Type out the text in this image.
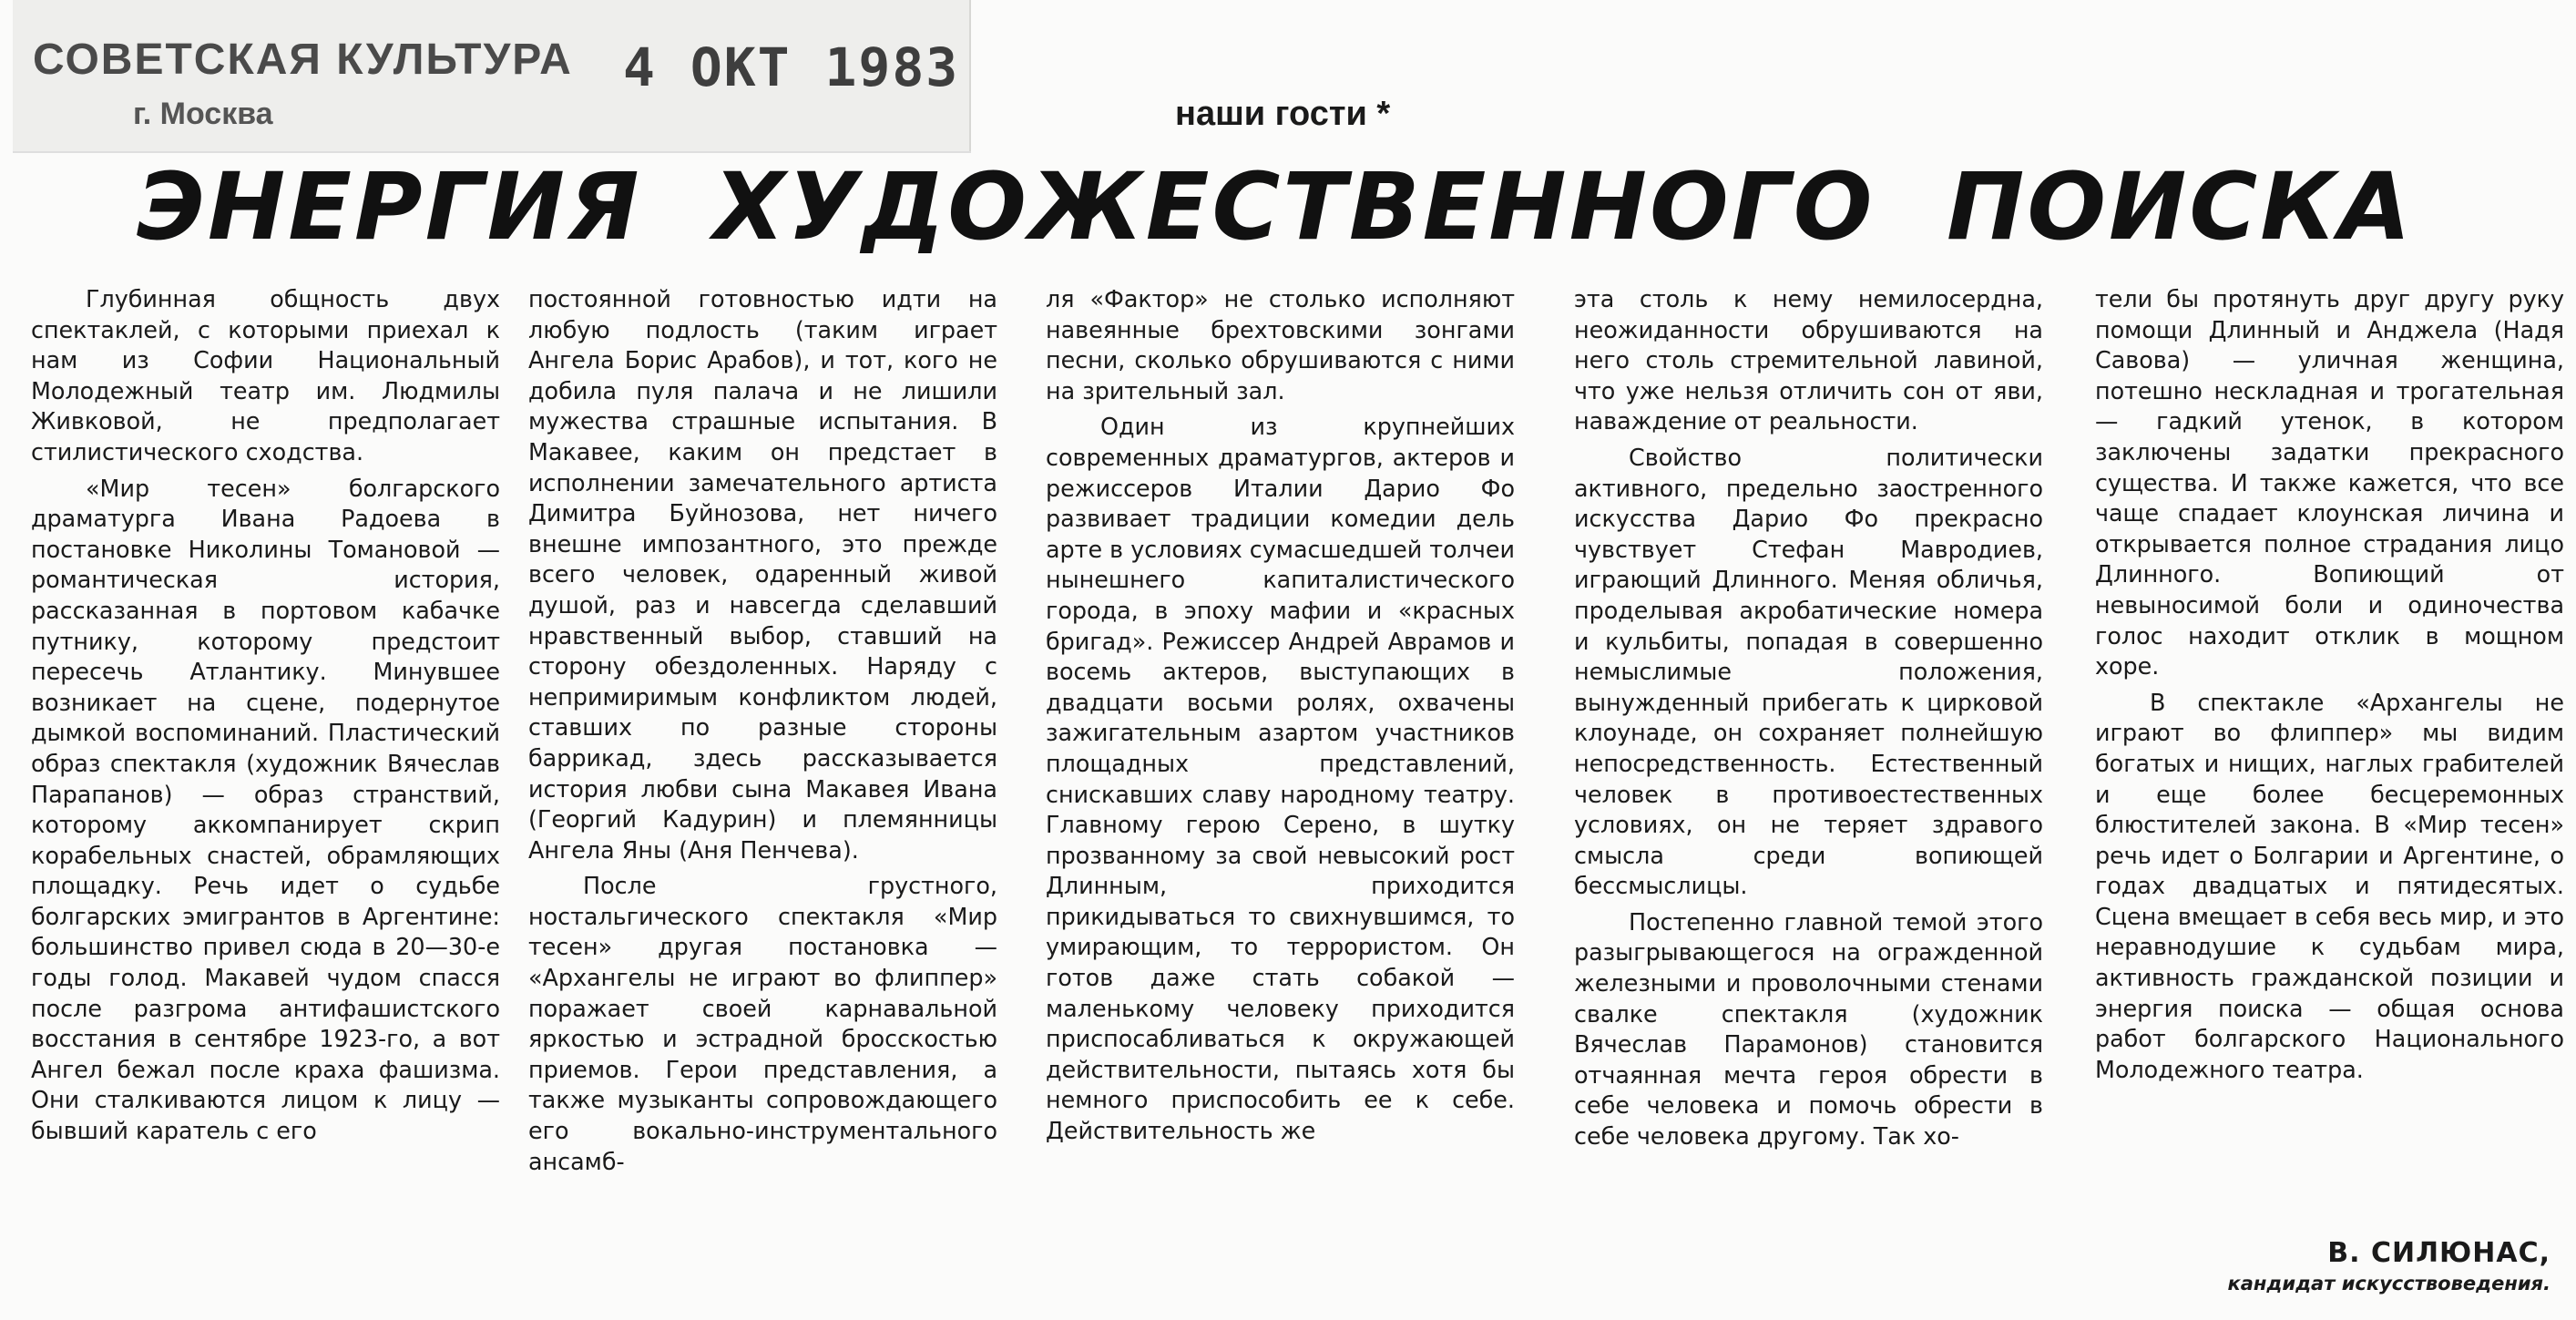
СОВЕТСКАЯ КУЛЬТУРА
г. Москва
4 ОКТ 1983
наши гости *
ЭНЕРГИЯ ХУДОЖЕСТВЕННОГО ПОИСКА

Глубинная общность двух спектаклей, с которыми приехал к нам из Софии Национальный Молодежный театр им. Людмилы Живковой, не предполагает стилистического сходства.

«Мир тесен» болгарского драматурга Ивана Радоева в постановке Николины Томановой — романтическая история, рассказанная в портовом кабачке путнику, которому предстоит пересечь Атлантику. Минувшее возникает на сцене, подернутое дымкой воспоминаний. Пластический образ спектакля (художник Вячеслав Парапанов) — образ странствий, которому аккомпанирует скрип корабельных снастей, обрамляющих площадку. Речь идет о судьбе болгарских эмигрантов в Аргентине: большинство привел сюда в 20—30-е годы голод. Макавей чудом спасся после разгрома антифашистского восстания в сентябре 1923-го, а вот Ангел бежал после краха фашизма. Они сталкиваются лицом к лицу — бывший каратель с его

постоянной готовностью идти на любую подлость (таким играет Ангела Борис Арабов), и тот, кого не добила пуля палача и не лишили мужества страшные испытания. В Макавее, каким он предстает в исполнении замечательного артиста Димитра Буйнозова, нет ничего внешне импозантного, это прежде всего человек, одаренный живой душой, раз и навсегда сделавший нравственный выбор, ставший на сторону обездоленных. Наряду с непримиримым конфликтом людей, ставших по разные стороны баррикад, здесь рассказывается история любви сына Макавея Ивана (Георгий Кадурин) и племянницы Ангела Яны (Аня Пенчева).

После грустного, ностальгического спектакля «Мир тесен» другая постановка — «Архангелы не играют во флиппер» поражает своей карнавальной яркостью и эстрадной бросскостью приемов. Герои представления, а также музыканты сопровождающего его вокально-инструментального ансамб-

ля «Фактор» не столько исполняют навеянные брехтовскими зонгами песни, сколько обрушиваются с ними на зрительный зал.

Один из крупнейших современных драматургов, актеров и режиссеров Италии Дарио Фо развивает традиции комедии дель арте в условиях сумасшедшей толчеи нынешнего капиталистического города, в эпоху мафии и «красных бригад». Режиссер Андрей Аврамов и восемь актеров, выступающих в двадцати восьми ролях, охвачены зажигательным азартом участников площадных представлений, снискавших славу народному театру. Главному герою Серено, в шутку прозванному за свой невысокий рост Длинным, приходится прикидываться то свихнувшимся, то умирающим, то террористом. Он готов даже стать собакой — маленькому человеку приходится приспосабливаться к окружающей действительности, пытаясь хотя бы немного приспособить ее к себе. Действительность же

эта столь к нему немилосердна, неожиданности обрушиваются на него столь стремительной лавиной, что уже нельзя отличить сон от яви, наваждение от реальности.

Свойство политически активного, предельно заостренного искусства Дарио Фо прекрасно чувствует Стефан Мавродиев, играющий Длинного. Меняя обличья, проделывая акробатические номера и кульбиты, попадая в совершенно немыслимые положения, вынужденный прибегать к цирковой клоунаде, он сохраняет полнейшую непосредственность. Естественный человек в противоестественных условиях, он не теряет здравого смысла среди вопиющей бессмыслицы.

Постепенно главной темой этого разыгрывающегося на огражденной железными и проволочными стенами свалке спектакля (художник Вячеслав Парамонов) становится отчаянная мечта героя обрести в себе человека и помочь обрести в себе человека другому. Так хо-

тели бы протянуть друг другу руку помощи Длинный и Анджела (Надя Савова) — уличная женщина, потешно нескладная и трогательная — гадкий утенок, в котором заключены задатки прекрасного существа. И также кажется, что все чаще спадает клоунская личина и открывается полное страдания лицо Длинного. Вопиющий от невыносимой боли и одиночества голос находит отклик в мощном хоре.

В спектакле «Архангелы не играют во флиппер» мы видим богатых и нищих, наглых грабителей и еще более бесцеремонных блюстителей закона. В «Мир тесен» речь идет о Болгарии и Аргентине, о годах двадцатых и пятидесятых. Сцена вмещает в себя весь мир, и это неравнодушие к судьбам мира, активность гражданской позиции и энергия поиска — общая основа работ болгарского Национального Молодежного театра.

В. СИЛЮНАС,
кандидат искусствоведения.
